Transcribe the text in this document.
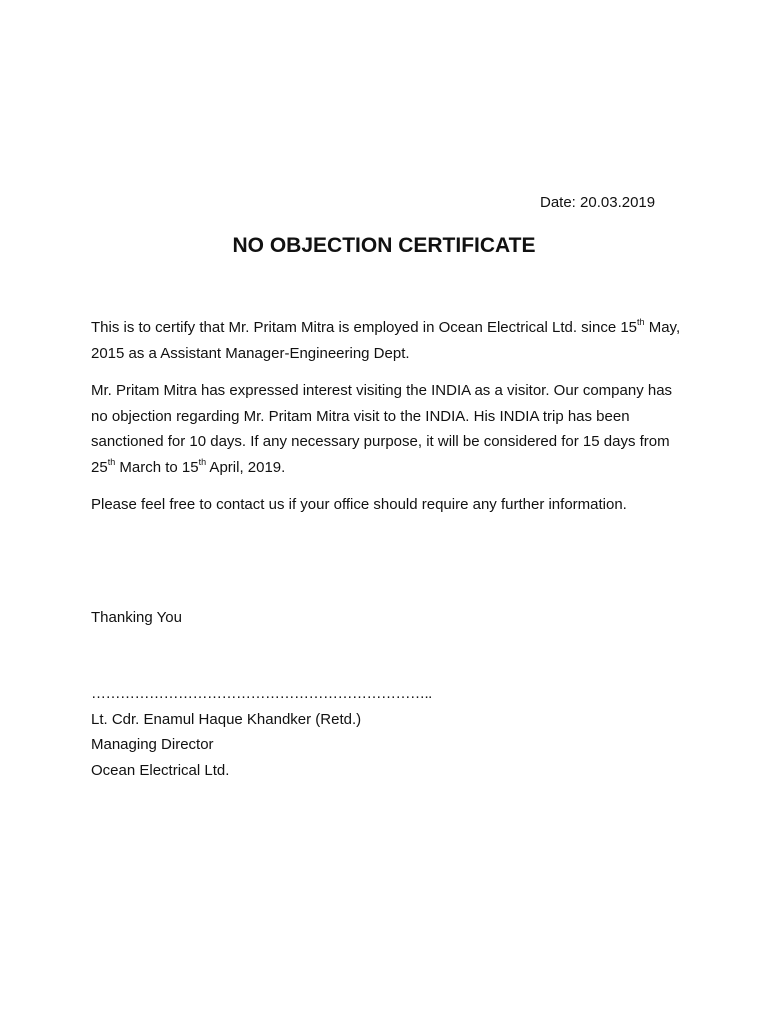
Date: 20.03.2019
NO OBJECTION CERTIFICATE
This is to certify that Mr. Pritam Mitra is employed in Ocean Electrical Ltd. since 15th May, 2015 as a Assistant Manager-Engineering Dept.
Mr. Pritam Mitra has expressed interest visiting the INDIA as a visitor. Our company has no objection regarding Mr. Pritam Mitra visit to the INDIA. His INDIA trip has been sanctioned for 10 days. If any necessary purpose, it will be considered for 15 days from 25th March to 15th April, 2019.
Please feel free to contact us if your office should require any further information.
Thanking You
……………………………………………………………..
Lt. Cdr. Enamul Haque Khandker (Retd.)
Managing Director
Ocean Electrical Ltd.
